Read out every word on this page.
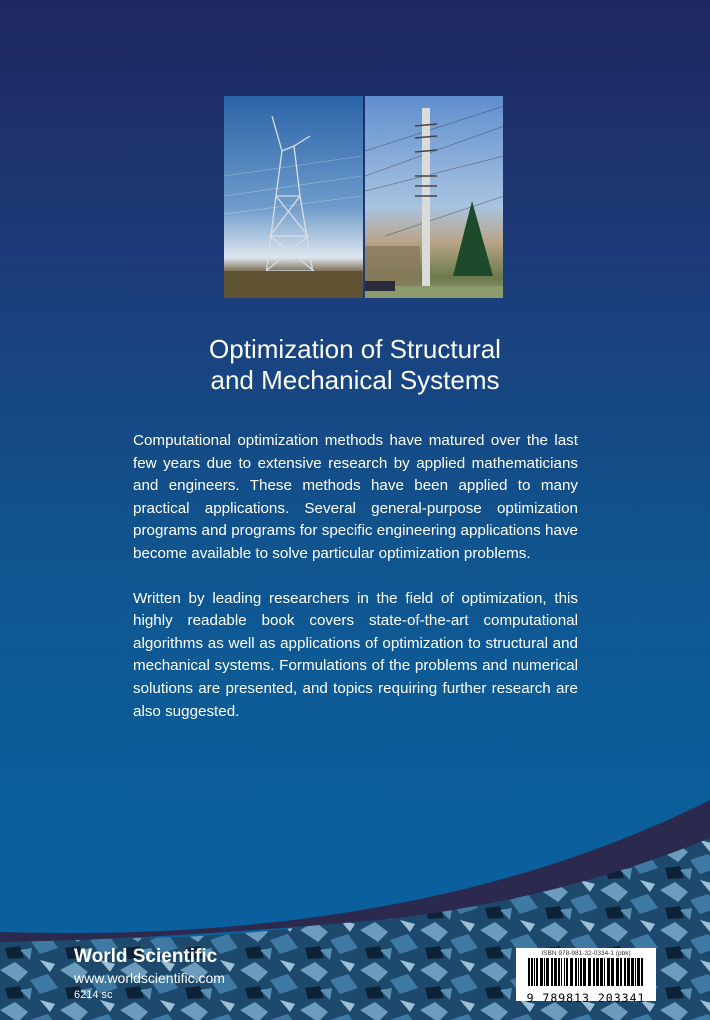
Optimization of Structural
and Mechanical Systems

Computational optimization methods have matured over the last few years due to extensive research by applied mathematicians and engineers. These methods have been applied to many practical applications. Several general-purpose optimization programs and programs for specific engineering applications have become available to solve particular optimization problems.

Written by leading researchers in the field of optimization, this highly readable book covers state-of-the-art computational algorithms as well as applications of optimization to structural and mechanical systems. Formulations of the problems and numerical solutions are presented, and topics requiring further research are also suggested.

World Scientific
www.worldscientific.com
6214 sc
ISBN 978-981-32-0334-1 (pbk)
9 789813 203341
